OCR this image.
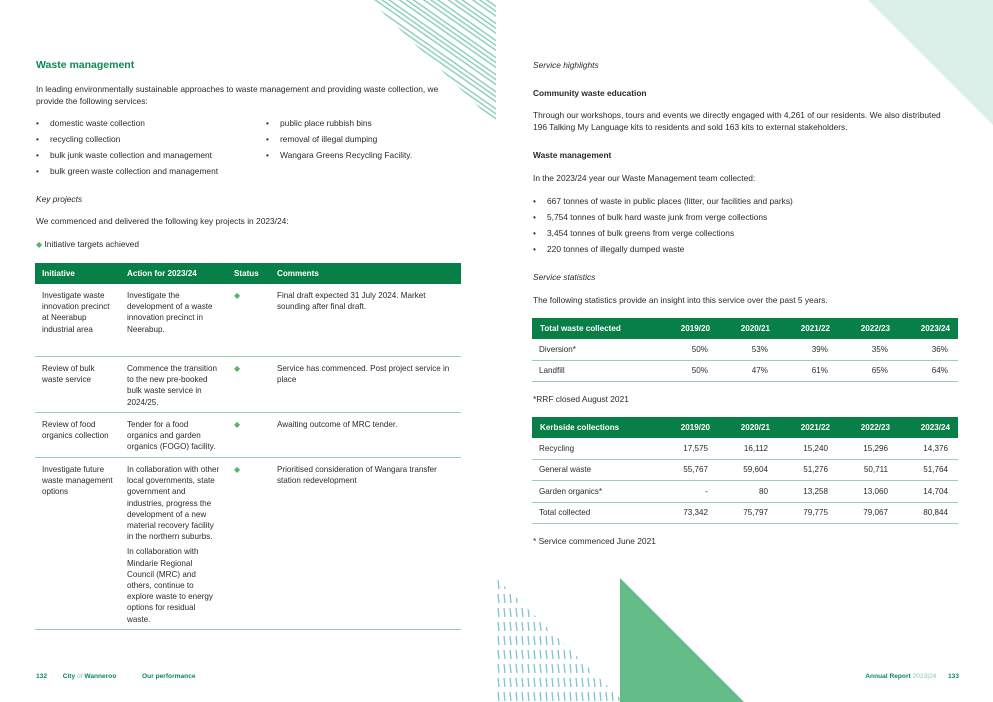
Waste management
In leading environmentally sustainable approaches to waste management and providing waste collection, we provide the following services:
• domestic waste collection
• recycling collection
• bulk junk waste collection and management
• bulk green waste collection and management
• public place rubbish bins
• removal of illegal dumping
• Wangara Greens Recycling Facility.
Key projects
We commenced and delivered the following key projects in 2023/24:
◆ Initiative targets achieved
Initiative	Action for 2023/24	Status	Comments
Investigate waste innovation precinct at Neerabup industrial area	Investigate the development of a waste innovation precinct in Neerabup.	◆	Final draft expected 31 July 2024. Market sounding after final draft.
Review of bulk waste service	Commence the transition to the new pre-booked bulk waste service in 2024/25.	◆	Service has commenced. Post project service in place
Review of food organics collection	Tender for a food organics and garden organics (FOGO) facility.	◆	Awaiting outcome of MRC tender.
Investigate future waste management options	In collaboration with other local governments, state government and industries, progress the development of a new material recovery facility in the northern suburbs.
In collaboration with Mindarie Regional Council (MRC) and others, continue to explore waste to energy options for residual waste.	◆	Prioritised consideration of Wangara transfer station redevelopment
132 City of Wanneroo	Our performance
Service highlights
Community waste education
Through our workshops, tours and events we directly engaged with 4,261 of our residents. We also distributed 196 Talking My Language kits to residents and sold 163 kits to external stakeholders.
Waste management
In the 2023/24 year our Waste Management team collected:
• 667 tonnes of waste in public places (litter, our facilities and parks)
• 5,754 tonnes of bulk hard waste junk from verge collections
• 3,454 tonnes of bulk greens from verge collections
• 220 tonnes of illegally dumped waste
Service statistics
The following statistics provide an insight into this service over the past 5 years.
Total waste collected	2019/20	2020/21	2021/22	2022/23	2023/24
Diversion*	50%	53%	39%	35%	36%
Landfill	50%	47%	61%	65%	64%
*RRF closed August 2021
Kerbside collections	2019/20	2020/21	2021/22	2022/23	2023/24
Recycling	17,575	16,112	15,240	15,296	14,376
General waste	55,767	59,604	51,276	50,711	51,764
Garden organics*	-	80	13,258	13,060	14,704
Total collected	73,342	75,797	79,775	79,067	80,844
* Service commenced June 2021
Annual Report 2023|24 133
